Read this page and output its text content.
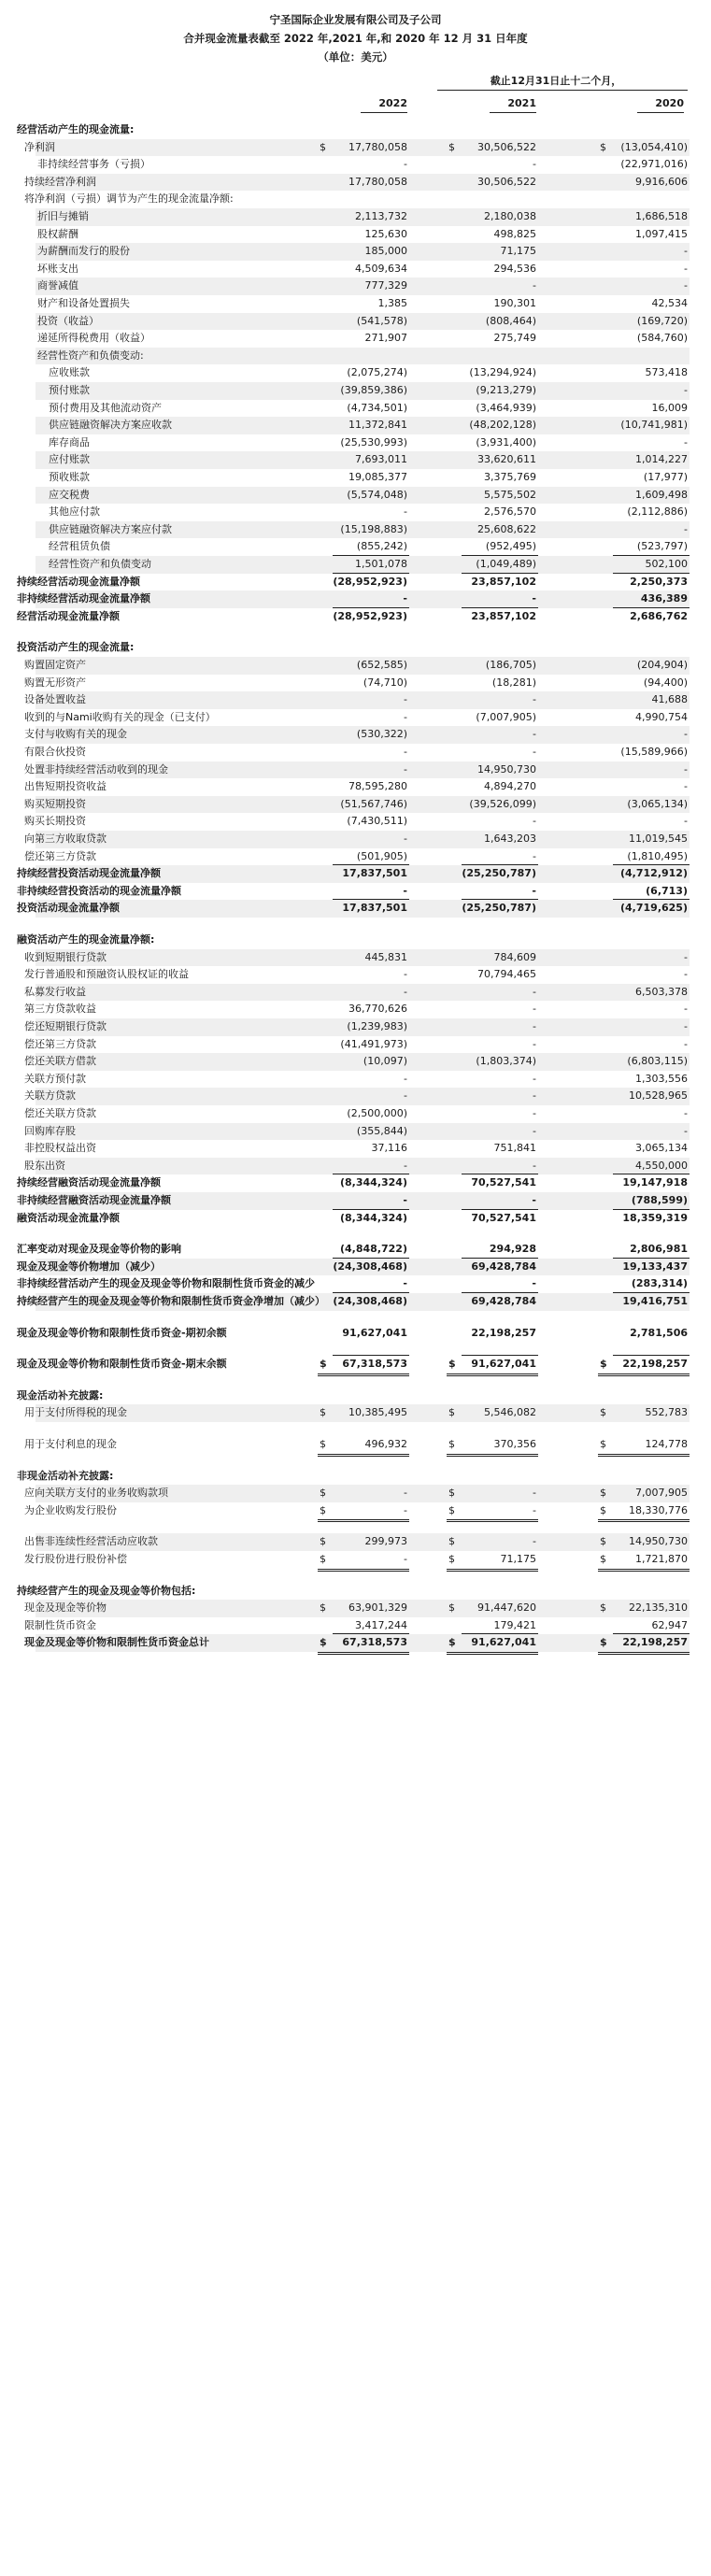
宁圣国际企业发展有限公司及子公司
合并现金流量表截至 2022 年,2021 年,和 2020 年 12 月 31 日年度
（单位：美元）
截止12月31日止十二个月，
2022	2021	2020
经营活动产生的现金流量:
净利润	$	17,780,058	$	30,506,522	$	(13,054,410)
非持续经营事务（亏损）	-	-	(22,971,016)
持续经营净利润	17,780,058	30,506,522	9,916,606
将净利润（亏损）调节为产生的现金流量净额:
折旧与摊销	2,113,732	2,180,038	1,686,518
股权薪酬	125,630	498,825	1,097,415
为薪酬而发行的股份	185,000	71,175	-
坏账支出	4,509,634	294,536	-
商誉减值	777,329	-	-
财产和设备处置损失	1,385	190,301	42,534
投资（收益）	(541,578)	(808,464)	(169,720)
递延所得税费用（收益）	271,907	275,749	(584,760)
经营性资产和负债变动:
应收账款	(2,075,274)	(13,294,924)	573,418
预付账款	(39,859,386)	(9,213,279)	-
预付费用及其他流动资产	(4,734,501)	(3,464,939)	16,009
供应链融资解决方案应收款	11,372,841	(48,202,128)	(10,741,981)
库存商品	(25,530,993)	(3,931,400)	-
应付账款	7,693,011	33,620,611	1,014,227
预收账款	19,085,377	3,375,769	(17,977)
应交税费	(5,574,048)	5,575,502	1,609,498
其他应付款	-	2,576,570	(2,112,886)
供应链融资解决方案应付款	(15,198,883)	25,608,622	-
经营租赁负债	(855,242)	(952,495)	(523,797)
经营性资产和负债变动	1,501,078	(1,049,489)	502,100
持续经营活动现金流量净额	(28,952,923)	23,857,102	2,250,373
非持续经营活动现金流量净额	-	-	436,389
经营活动现金流量净额	(28,952,923)	23,857,102	2,686,762
投资活动产生的现金流量:
购置固定资产	(652,585)	(186,705)	(204,904)
购置无形资产	(74,710)	(18,281)	(94,400)
设备处置收益	-	-	41,688
收到的与Nami收购有关的现金（已支付）	-	(7,007,905)	4,990,754
支付与收购有关的现金	(530,322)	-	-
有限合伙投资	-	-	(15,589,966)
处置非持续经营活动收到的现金	-	14,950,730	-
出售短期投资收益	78,595,280	4,894,270	-
购买短期投资	(51,567,746)	(39,526,099)	(3,065,134)
购买长期投资	(7,430,511)	-	-
向第三方收取贷款	-	1,643,203	11,019,545
偿还第三方贷款	(501,905)	-	(1,810,495)
持续经营投资活动现金流量净额	17,837,501	(25,250,787)	(4,712,912)
非持续经营投资活动的现金流量净额	-	-	(6,713)
投资活动现金流量净额	17,837,501	(25,250,787)	(4,719,625)
融资活动产生的现金流量净额:
收到短期银行贷款	445,831	784,609	-
发行普通股和预融资认股权证的收益	-	70,794,465	-
私募发行收益	-	-	6,503,378
第三方贷款收益	36,770,626	-	-
偿还短期银行贷款	(1,239,983)	-	-
偿还第三方贷款	(41,491,973)	-	-
偿还关联方借款	(10,097)	(1,803,374)	(6,803,115)
关联方预付款	-	-	1,303,556
关联方贷款	-	-	10,528,965
偿还关联方贷款	(2,500,000)	-	-
回购库存股	(355,844)	-	-
非控股权益出资	37,116	751,841	3,065,134
股东出资	-	-	4,550,000
持续经营融资活动现金流量净额	(8,344,324)	70,527,541	19,147,918
非持续经营融资活动现金流量净额	-	-	(788,599)
融资活动现金流量净额	(8,344,324)	70,527,541	18,359,319
汇率变动对现金及现金等价物的影响	(4,848,722)	294,928	2,806,981
现金及现金等价物增加（减少）	(24,308,468)	69,428,784	19,133,437
非持续经营活动产生的现金及现金等价物和限制性货币资金的减少	-	-	(283,314)
持续经营产生的现金及现金等价物和限制性货币资金净增加（减少） (24,308,468)	69,428,784	19,416,751
现金及现金等价物和限制性货币资金-期初余额	91,627,041	22,198,257	2,781,506
现金及现金等价物和限制性货币资金-期末余额	$	67,318,573	$	91,627,041	$	22,198,257
现金活动补充披露:
用于支付所得税的现金	$	10,385,495	$	5,546,082	$	552,783
用于支付利息的现金	$	496,932	$	370,356	$	124,778
非现金活动补充披露:
应向关联方支付的业务收购款项	$	-	$	-	$	7,007,905
为企业收购发行股份	$	-	$	-	$	18,330,776
出售非连续性经营活动应收款	$	299,973	$	-	$	14,950,730
发行股份进行股份补偿	$	-	$	71,175	$	1,721,870
持续经营产生的现金及现金等价物包括:
现金及现金等价物	$	63,901,329	$	91,447,620	$	22,135,310
限制性货币资金	3,417,244	179,421	62,947
现金及现金等价物和限制性货币资金总计	$	67,318,573	$	91,627,041	$	22,198,257
